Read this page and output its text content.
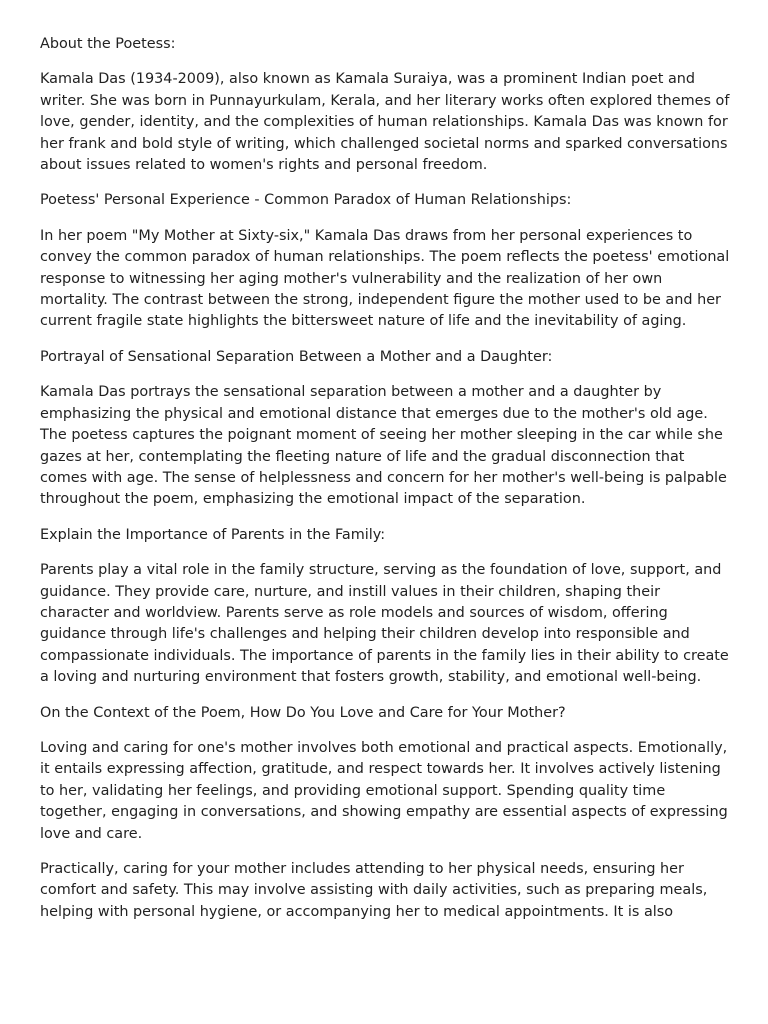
About the Poetess:

Kamala Das (1934-2009), also known as Kamala Suraiya, was a prominent Indian poet and writer. She was born in Punnayurkulam, Kerala, and her literary works often explored themes of love, gender, identity, and the complexities of human relationships. Kamala Das was known for her frank and bold style of writing, which challenged societal norms and sparked conversations about issues related to women's rights and personal freedom.

Poetess' Personal Experience - Common Paradox of Human Relationships:

In her poem "My Mother at Sixty-six," Kamala Das draws from her personal experiences to convey the common paradox of human relationships. The poem reflects the poetess' emotional response to witnessing her aging mother's vulnerability and the realization of her own mortality. The contrast between the strong, independent figure the mother used to be and her current fragile state highlights the bittersweet nature of life and the inevitability of aging.

Portrayal of Sensational Separation Between a Mother and a Daughter:

Kamala Das portrays the sensational separation between a mother and a daughter by emphasizing the physical and emotional distance that emerges due to the mother's old age. The poetess captures the poignant moment of seeing her mother sleeping in the car while she gazes at her, contemplating the fleeting nature of life and the gradual disconnection that comes with age. The sense of helplessness and concern for her mother's well-being is palpable throughout the poem, emphasizing the emotional impact of the separation.

Explain the Importance of Parents in the Family:

Parents play a vital role in the family structure, serving as the foundation of love, support, and guidance. They provide care, nurture, and instill values in their children, shaping their character and worldview. Parents serve as role models and sources of wisdom, offering guidance through life's challenges and helping their children develop into responsible and compassionate individuals. The importance of parents in the family lies in their ability to create a loving and nurturing environment that fosters growth, stability, and emotional well-being.

On the Context of the Poem, How Do You Love and Care for Your Mother?

Loving and caring for one's mother involves both emotional and practical aspects. Emotionally, it entails expressing affection, gratitude, and respect towards her. It involves actively listening to her, validating her feelings, and providing emotional support. Spending quality time together, engaging in conversations, and showing empathy are essential aspects of expressing love and care.

Practically, caring for your mother includes attending to her physical needs, ensuring her comfort and safety. This may involve assisting with daily activities, such as preparing meals, helping with personal hygiene, or accompanying her to medical appointments. It is also
